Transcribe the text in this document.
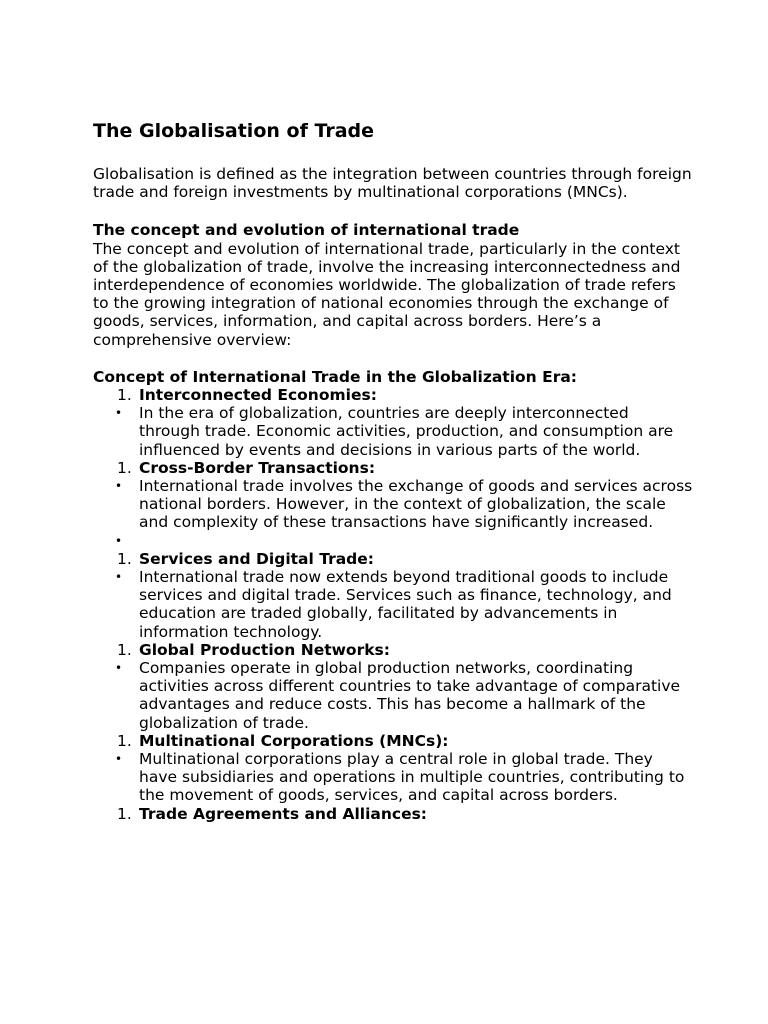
The Globalisation of Trade

Globalisation is defined as the integration between countries through foreign trade and foreign investments by multinational corporations (MNCs).

The concept and evolution of international trade

The concept and evolution of international trade, particularly in the context of the globalization of trade, involve the increasing interconnectedness and interdependence of economies worldwide. The globalization of trade refers to the growing integration of national economies through the exchange of goods, services, information, and capital across borders. Here’s a comprehensive overview:

Concept of International Trade in the Globalization Era:
1. Interconnected Economies:
• In the era of globalization, countries are deeply interconnected through trade. Economic activities, production, and consumption are influenced by events and decisions in various parts of the world.
1. Cross-Border Transactions:
• International trade involves the exchange of goods and services across national borders. However, in the context of globalization, the scale and complexity of these transactions have significantly increased.
•
1. Services and Digital Trade:
• International trade now extends beyond traditional goods to include services and digital trade. Services such as finance, technology, and education are traded globally, facilitated by advancements in information technology.
1. Global Production Networks:
• Companies operate in global production networks, coordinating activities across different countries to take advantage of comparative advantages and reduce costs. This has become a hallmark of the globalization of trade.
1. Multinational Corporations (MNCs):
• Multinational corporations play a central role in global trade. They have subsidiaries and operations in multiple countries, contributing to the movement of goods, services, and capital across borders.
1. Trade Agreements and Alliances:
